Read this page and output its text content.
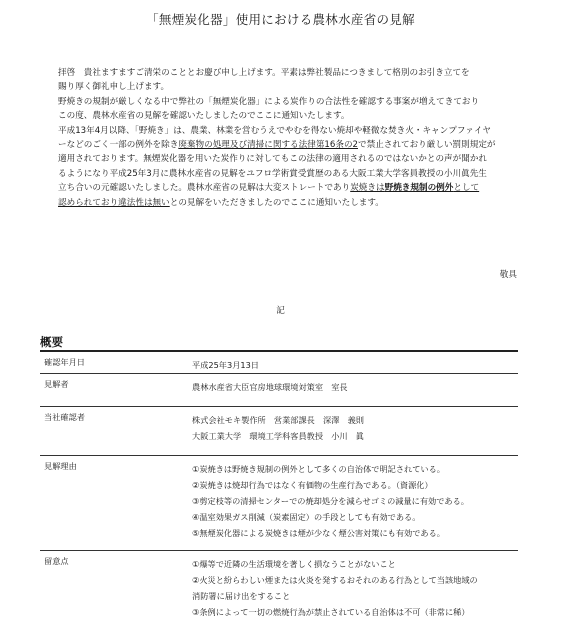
「無煙炭化器」使用における農林水産省の見解

拝啓　貴社ますますご清栄のこととお慶び申し上げます。平素は弊社製品につきまして格別のお引き立てを

賜り厚く御礼申し上げます。

野焼きの規制が厳しくなる中で弊社の「無煙炭化器」による炭作りの合法性を確認する事案が増えてきており

この度、農林水産省の見解を確認いたしましたのでここに通知いたします。

平成13年4月以降、「野焼き」は、農業、林業を営むうえでやむを得ない焼却や軽微な焚き火・キャンプファイヤ

ーなどのごく一部の例外を除き廃棄物の処理及び清掃に関する法律第16条の2で禁止されており厳しい罰則規定が

適用されております。無煙炭化器を用いた炭作りに対してもこの法律の適用されるのではないかとの声が聞かれ

るようになり平成25年3月に農林水産省の見解をユフロ学術賞受賞歴のある大阪工業大学客員教授の小川眞先生

立ち合いの元確認いたしました。農林水産省の見解は大変ストレートであり炭焼きは野焼き規制の例外として

認められており違法性は無いとの見解をいただきましたのでここに通知いたします。

敬具
記
概要
確認年月日	平成25年3月13日
見解者	農林水産省大臣官房地球環境対策室　室長
当社確認者	株式会社モキ製作所　営業部課長　深澤　義則
大阪工業大学　環境工学科客員教授　小川　眞
見解理由	①炭焼きは野焼き規制の例外として多くの自治体で明記されている。
②炭焼きは焼却行為ではなく有価物の生産行為である。（資源化）
③剪定枝等の清掃センターでの焼却処分を減らせゴミの減量に有効である。
④温室効果ガス削減（炭素固定）の手段としても有効である。
⑤無煙炭化器による炭焼きは煙が少なく煙公害対策にも有効である。
留意点	①爆等で近隣の生活環境を著しく損なうことがないこと
②火災と紛らわしい煙または火炎を発するおそれのある行為として当該地域の
消防署に届け出をすること
③条例によって一切の燃焼行為が禁止されている自治体は不可（非常に稀）
